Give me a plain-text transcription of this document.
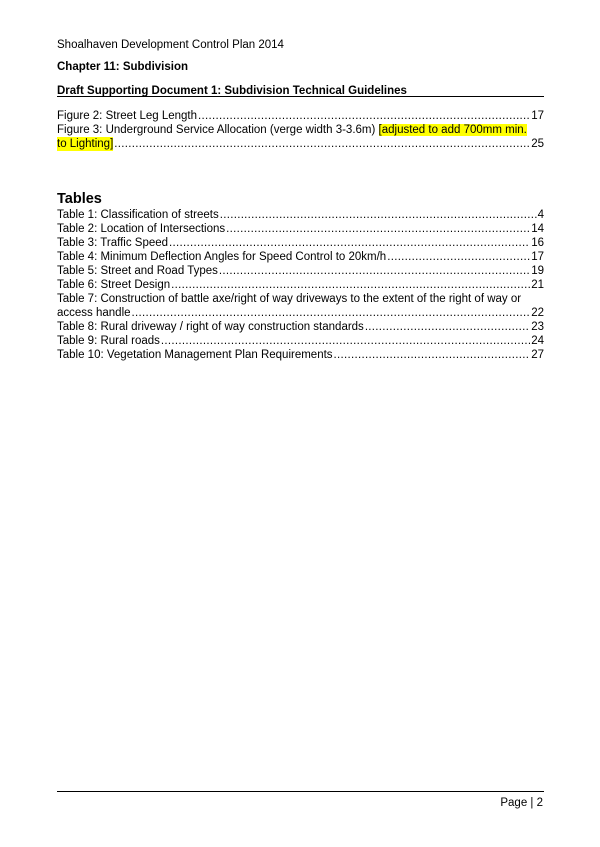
Shoalhaven Development Control Plan 2014
Chapter 11: Subdivision
Draft Supporting Document 1: Subdivision Technical Guidelines
Figure 2: Street Leg Length .....	17
Figure 3: Underground Service Allocation (verge width 3-3.6m) [adjusted to add 700mm min.
to Lighting] .....	25
Tables
Table 1: Classification of streets .....	4
Table 2: Location of Intersections .....	14
Table 3: Traffic Speed .....	16
Table 4: Minimum Deflection Angles for Speed Control to 20km/h .....	17
Table 5: Street and Road Types .....	19
Table 6: Street Design .....	21
Table 7: Construction of battle axe/right of way driveways to the extent of the right of way or
access handle .....	22
Table 8: Rural driveway / right of way construction standards .....	23
Table 9: Rural roads .....	24
Table 10: Vegetation Management Plan Requirements .....	27
Page | 2
